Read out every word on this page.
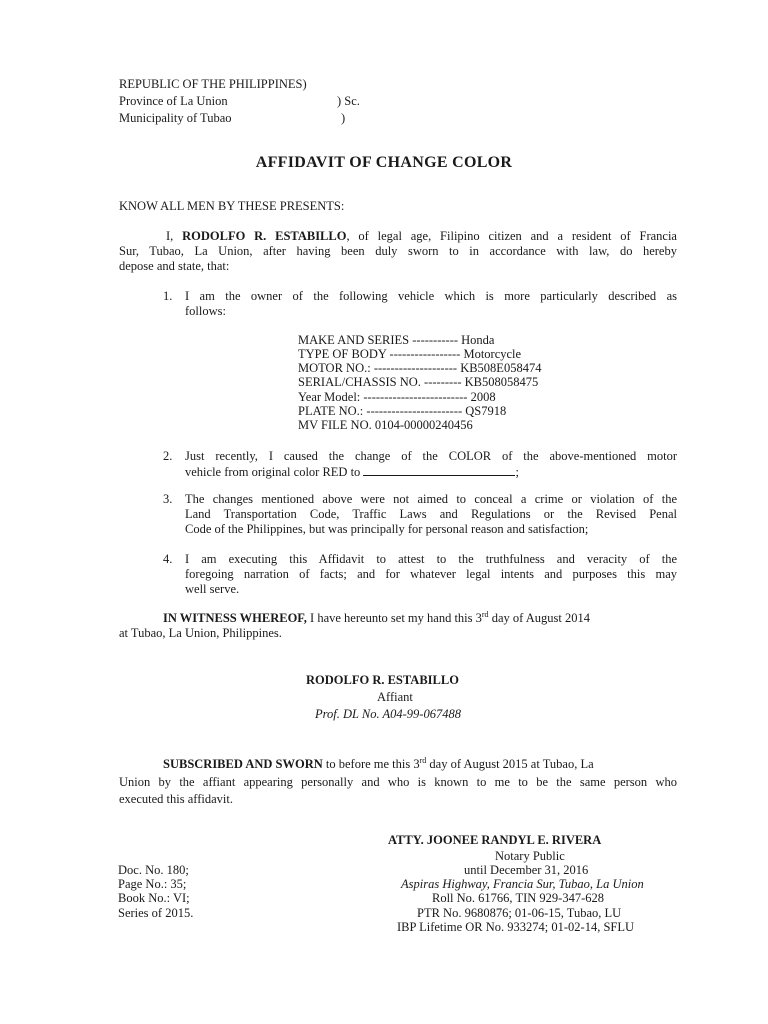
REPUBLIC OF THE PHILIPPINES)
Province of La Union	) Sc.
Municipality of Tubao	)
AFFIDAVIT OF CHANGE COLOR
KNOW ALL MEN BY THESE PRESENTS:
I, RODOLFO R. ESTABILLO, of legal age, Filipino citizen and a resident of Francia
Sur, Tubao, La Union, after having been duly sworn to in accordance with law, do hereby
depose and state, that:
1. I am the owner of the following vehicle which is more particularly described as
follows:
MAKE AND SERIES ----------- Honda
TYPE OF BODY ----------------- Motorcycle
MOTOR NO.: -------------------- KB508E058474
SERIAL/CHASSIS NO. --------- KB508058475
Year Model: ------------------------- 2008
PLATE NO.: ----------------------- QS7918
MV FILE NO. 0104-00000240456
2. Just recently, I caused the change of the COLOR of the above-mentioned motor
vehicle from original color RED to	;
3. The changes mentioned above were not aimed to conceal a crime or violation of the
Land Transportation Code, Traffic Laws and Regulations or the Revised Penal
Code of the Philippines, but was principally for personal reason and satisfaction;
4. I am executing this Affidavit to attest to the truthfulness and veracity of the
foregoing narration of facts; and for whatever legal intents and purposes this may
well serve.
IN WITNESS WHEREOF, I have hereunto set my hand this 3rd day of August 2014
at Tubao, La Union, Philippines.
RODOLFO R. ESTABILLO
Affiant
Prof. DL No. A04-99-067488
SUBSCRIBED AND SWORN to before me this 3rd day of August 2015 at Tubao, La
Union by the affiant appearing personally and who is known to me to be the same person who
executed this affidavit.
ATTY. JOONEE RANDYL E. RIVERA
Notary Public
until December 31, 2016
Aspiras Highway, Francia Sur, Tubao, La Union
Roll No. 61766, TIN 929-347-628
PTR No. 9680876; 01-06-15, Tubao, LU
IBP Lifetime OR No. 933274; 01-02-14, SFLU
Doc. No. 180;
Page No.: 35;
Book No.: VI;
Series of 2015.
